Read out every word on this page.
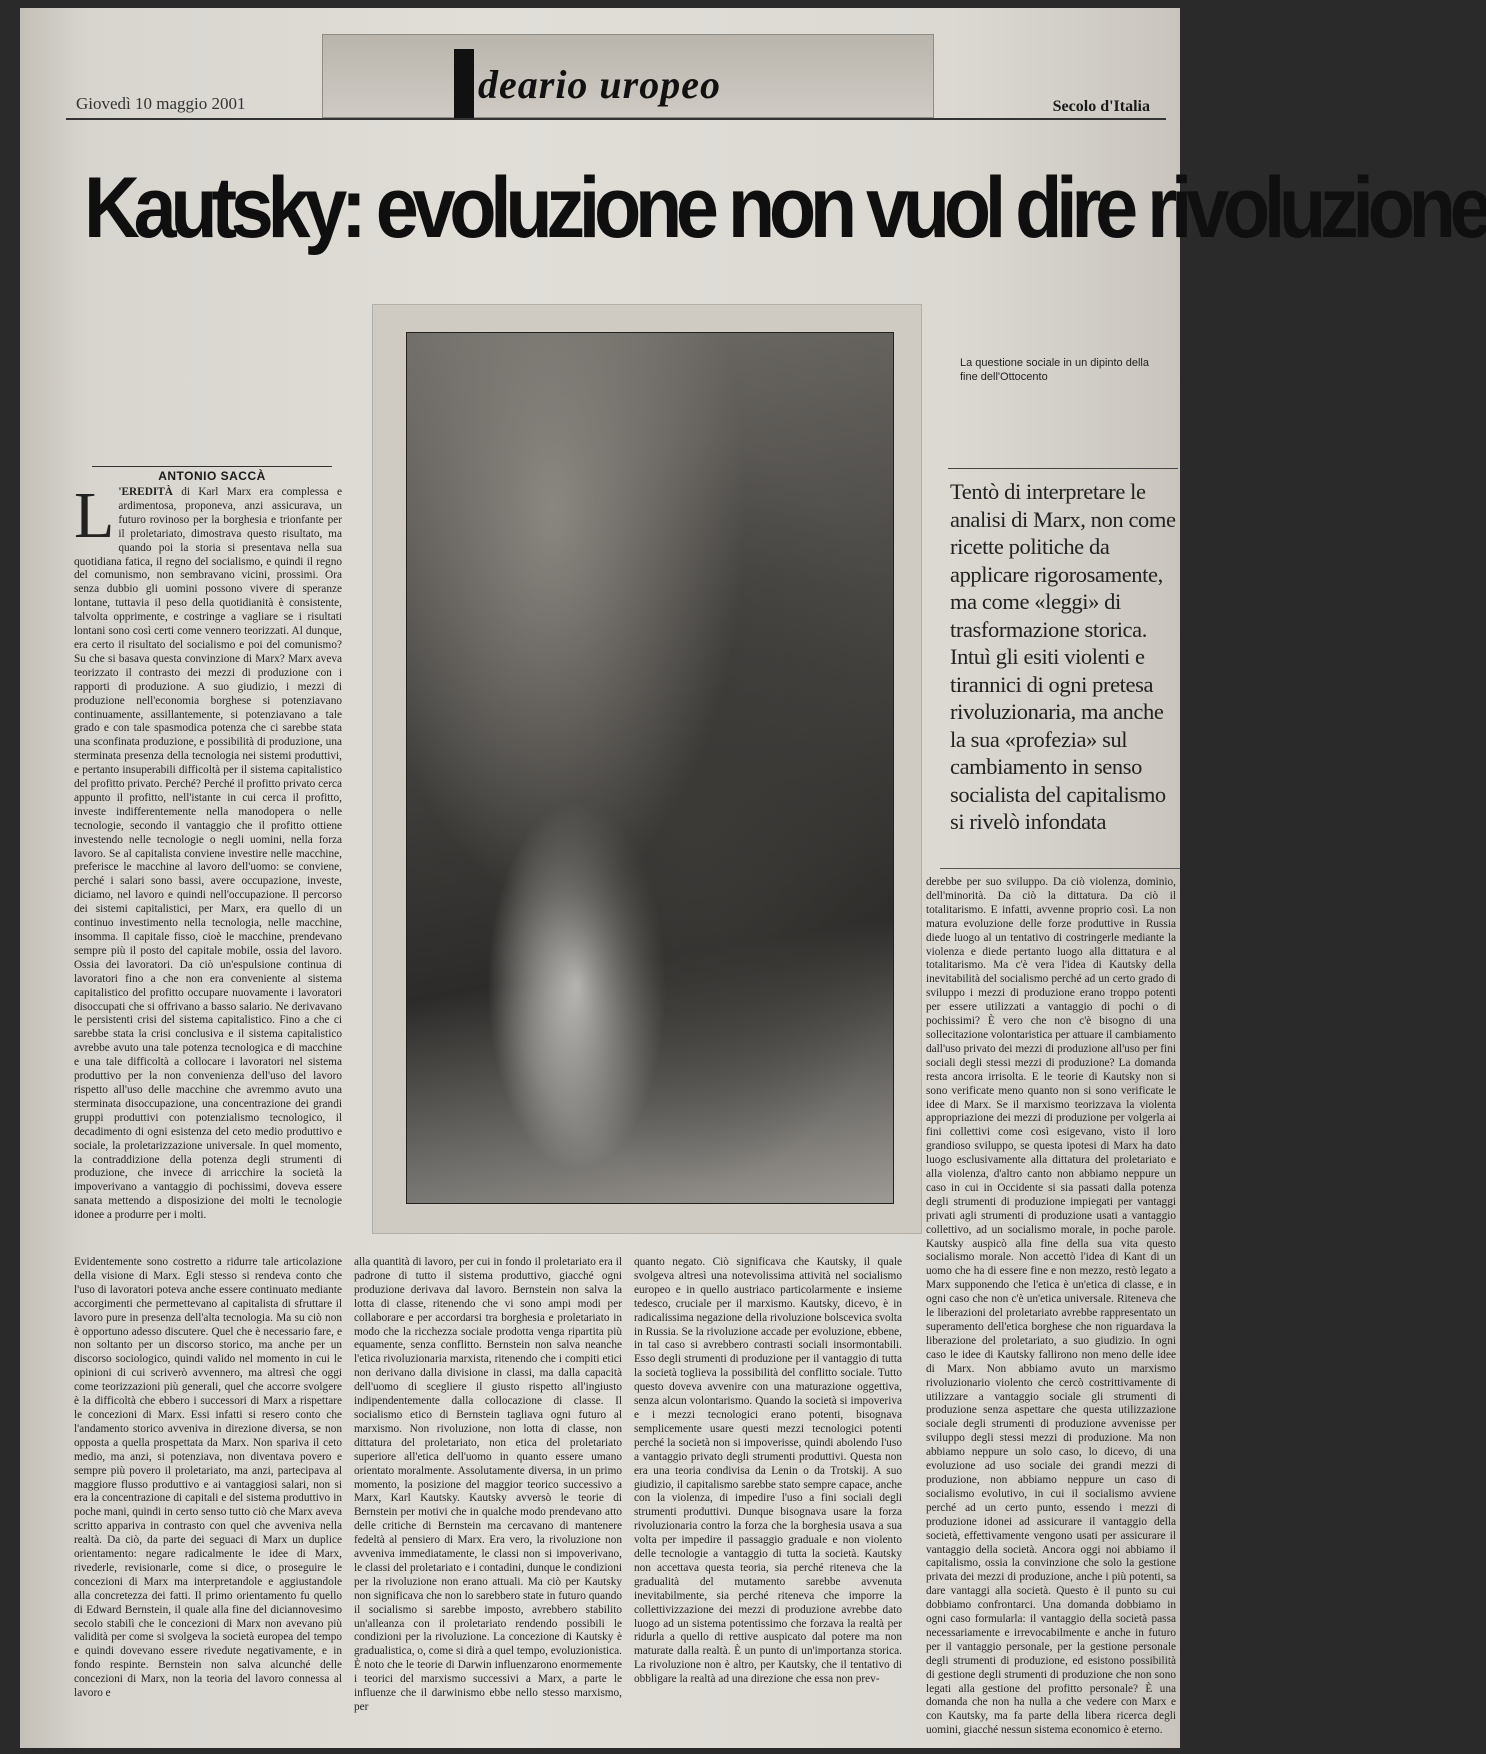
deario uropeo
Giovedì 10 maggio 2001	Secolo d'Italia
Kautsky: evoluzione non vuol dire rivoluzione
ANTONIO SACCÀ
L 'EREDITÀ di Karl Marx era complessa e ardimentosa, proponeva, anzi assicurava, un futuro rovinoso per la borghesia e trionfante per il proletariato, dimostrava questo risultato, ma quando poi la storia si presentava nella sua quotidiana fatica, il regno del socialismo, e quindi il regno del comunismo, non sembravano vicini, prossimi. Ora senza dubbio gli uomini possono vivere di speranze lontane, tuttavia il peso della quotidianità è consistente, talvolta opprimente, e costringe a vagliare se i risultati lontani sono così certi come vennero teorizzati. Al dunque, era certo il risultato del socialismo e poi del comunismo? Su che si basava questa convinzione di Marx? Marx aveva teorizzato il contrasto dei mezzi di produzione con i rapporti di produzione. A suo giudizio, i mezzi di produzione nell'economia borghese si potenziavano continuamente, assillantemente, si potenziavano a tale grado e con tale spasmodica potenza che ci sarebbe stata una sconfinata produzione, e possibilità di produzione, una sterminata presenza della tecnologia nei sistemi produttivi, e pertanto insuperabili difficoltà per il sistema capitalistico del profitto privato. Perché? Perché il profitto privato cerca appunto il profitto, nell'istante in cui cerca il profitto, investe indifferentemente nella manodopera o nelle tecnologie, secondo il vantaggio che il profitto ottiene investendo nelle tecnologie o negli uomini, nella forza lavoro. Se al capitalista conviene investire nelle macchine, preferisce le macchine al lavoro dell'uomo: se conviene, perché i salari sono bassi, avere occupazione, investe, diciamo, nel lavoro e quindi nell'occupazione. Il percorso dei sistemi capitalistici, per Marx, era quello di un continuo investimento nella tecnologia, nelle macchine, insomma. Il capitale fisso, cioè le macchine, prendevano sempre più il posto del capitale mobile, ossia del lavoro. Ossia dei lavoratori. Da ciò un'espulsione continua di lavoratori fino a che non era conveniente al sistema capitalistico del profitto occupare nuovamente i lavoratori disoccupati che si offrivano a basso salario. Ne derivavano le persistenti crisi del sistema capitalistico. Fino a che ci sarebbe stata la crisi conclusiva e il sistema capitalistico avrebbe avuto una tale potenza tecnologica e di macchine e una tale difficoltà a collocare i lavoratori nel sistema produttivo per la non convenienza dell'uso del lavoro rispetto all'uso delle macchine che avremmo avuto una sterminata disoccupazione, una concentrazione dei grandi gruppi produttivi con potenzialismo tecnologico, il decadimento di ogni esistenza del ceto medio produttivo e sociale, la proletarizzazione universale. In quel momento, la contraddizione della potenza degli strumenti di produzione, che invece di arricchire la società la impoverivano a vantaggio di pochissimi, doveva essere sanata mettendo a disposizione dei molti le tecnologie idonee a produrre per i molti.
Evidentemente sono costretto a ridurre tale articolazione della visione di Marx. Egli stesso si rendeva conto che l'uso di lavoratori poteva anche essere continuato mediante accorgimenti che permettevano al capitalista di sfruttare il lavoro pure in presenza dell'alta tecnologia. Ma su ciò non è opportuno adesso discutere. Quel che è necessario fare, e non soltanto per un discorso storico, ma anche per un discorso sociologico, quindi valido nel momento in cui le opinioni di cui scriverò avvennero, ma altresì che oggi come teorizzazioni più generali, quel che accorre svolgere è la difficoltà che ebbero i successori di Marx a rispettare le concezioni di Marx. Essi infatti si resero conto che l'andamento storico avveniva in direzione diversa, se non opposta a quella prospettata da Marx. Non spariva il ceto medio, ma anzi, si potenziava, non diventava povero e sempre più povero il proletariato, ma anzi, partecipava al maggiore flusso produttivo e ai vantaggiosi salari, non si era la concentrazione di capitali e del sistema produttivo in poche mani, quindi in certo senso tutto ciò che Marx aveva scritto appariva in contrasto con quel che avveniva nella realtà. Da ciò, da parte dei seguaci di Marx un duplice orientamento: negare radicalmente le idee di Marx, rivederle, revisionarle, come si dice, o proseguire le concezioni di Marx ma interpretandole e aggiustandole alla concretezza dei fatti. Il primo orientamento fu quello di Edward Bernstein, il quale alla fine del diciannovesimo secolo stabilì che le concezioni di Marx non avevano più validità per come si svolgeva la società europea del tempo e quindi dovevano essere rivedute negativamente, e in fondo respinte. Bernstein non salva alcunché delle concezioni di Marx, non la teoria del lavoro connessa al lavoro e
alla quantità di lavoro, per cui in fondo il proletariato era il padrone di tutto il sistema produttivo, giacché ogni produzione derivava dal lavoro. Bernstein non salva la lotta di classe, ritenendo che vi sono ampi modi per collaborare e per accordarsi tra borghesia e proletariato in modo che la ricchezza sociale prodotta venga ripartita più equamente, senza conflitto. Bernstein non salva neanche l'etica rivoluzionaria marxista, ritenendo che i compiti etici non derivano dalla divisione in classi, ma dalla capacità dell'uomo di scegliere il giusto rispetto all'ingiusto indipendentemente dalla collocazione di classe. Il socialismo etico di Bernstein tagliava ogni futuro al marxismo. Non rivoluzione, non lotta di classe, non dittatura del proletariato, non etica del proletariato superiore all'etica dell'uomo in quanto essere umano orientato moralmente. Assolutamente diversa, in un primo momento, la posizione del maggior teorico successivo a Marx, Karl Kautsky. Kautsky avversò le teorie di Bernstein per motivi che in qualche modo prendevano atto delle critiche di Bernstein ma cercavano di mantenere fedeltà al pensiero di Marx. Era vero, la rivoluzione non avveniva immediatamente, le classi non si impoverivano, le classi del proletariato e i contadini, dunque le condizioni per la rivoluzione non erano attuali. Ma ciò per Kautsky non significava che non lo sarebbero state in futuro quando il socialismo si sarebbe imposto, avrebbero stabilito un'alleanza con il proletariato rendendo possibili le condizioni per la rivoluzione. La concezione di Kautsky è gradualistica, o, come si dirà a quel tempo, evoluzionistica. È noto che le teorie di Darwin influenzarono enormemente i teorici del marxismo successivi a Marx, a parte le influenze che il darwinismo ebbe nello stesso marxismo, per
quanto negato. Ciò significava che Kautsky, il quale svolgeva altresì una notevolissima attività nel socialismo europeo e in quello austriaco particolarmente e insieme tedesco, cruciale per il marxismo. Kautsky, dicevo, è in radicalissima negazione della rivoluzione bolscevica svolta in Russia. Se la rivoluzione accade per evoluzione, ebbene, in tal caso si avrebbero contrasti sociali insormontabili. Esso degli strumenti di produzione per il vantaggio di tutta la società toglieva la possibilità del conflitto sociale. Tutto questo doveva avvenire con una maturazione oggettiva, senza alcun volontarismo. Quando la società si impoveriva e i mezzi tecnologici erano potenti, bisognava semplicemente usare questi mezzi tecnologici potenti perché la società non si impoverisse, quindi abolendo l'uso a vantaggio privato degli strumenti produttivi. Questa non era una teoria condivisa da Lenin o da Trotskij. A suo giudizio, il capitalismo sarebbe stato sempre capace, anche con la violenza, di impedire l'uso a fini sociali degli strumenti produttivi. Dunque bisognava usare la forza rivoluzionaria contro la forza che la borghesia usava a sua volta per impedire il passaggio graduale e non violento delle tecnologie a vantaggio di tutta la società. Kautsky non accettava questa teoria, sia perché riteneva che la gradualità del mutamento sarebbe avvenuta inevitabilmente, sia perché riteneva che imporre la collettivizzazione dei mezzi di produzione avrebbe dato luogo ad un sistema potentissimo che forzava la realtà per ridurla a quello di rettive auspicato dal potere ma non maturate dalla realtà. È un punto di un'importanza storica. La rivoluzione non è altro, per Kautsky, che il tentativo di obbligare la realtà ad una direzione che essa non prev-
derebbe per suo sviluppo. Da ciò violenza, dominio, dell'minorità. Da ciò la dittatura. Da ciò il totalitarismo. E infatti, avvenne proprio così. La non matura evoluzione delle forze produttive in Russia diede luogo al un tentativo di costringerle mediante la violenza e diede pertanto luogo alla dittatura e al totalitarismo. Ma c'è vera l'idea di Kautsky della inevitabilità del socialismo perché ad un certo grado di sviluppo i mezzi di produzione erano troppo potenti per essere utilizzati a vantaggio di pochi o di pochissimi? È vero che non c'è bisogno di una sollecitazione volontaristica per attuare il cambiamento dall'uso privato dei mezzi di produzione all'uso per fini sociali degli stessi mezzi di produzione? La domanda resta ancora irrisolta. E le teorie di Kautsky non si sono verificate meno quanto non si sono verificate le idee di Marx. Se il marxismo teorizzava la violenta appropriazione dei mezzi di produzione per volgerla ai fini collettivi come così esigevano, visto il loro grandioso sviluppo, se questa ipotesi di Marx ha dato luogo esclusivamente alla dittatura del proletariato e alla violenza, d'altro canto non abbiamo neppure un caso in cui in Occidente si sia passati dalla potenza degli strumenti di produzione impiegati per vantaggi privati agli strumenti di produzione usati a vantaggio collettivo, ad un socialismo morale, in poche parole. Kautsky auspicò alla fine della sua vita questo socialismo morale. Non accettò l'idea di Kant di un uomo che ha di essere fine e non mezzo, restò legato a Marx supponendo che l'etica è un'etica di classe, e in ogni caso che non c'è un'etica universale. Riteneva che le liberazioni del proletariato avrebbe rappresentato un superamento dell'etica borghese che non riguardava la liberazione del proletariato, a suo giudizio. In ogni caso le idee di Kautsky fallirono non meno delle idee di Marx. Non abbiamo avuto un marxismo rivoluzionario violento che cercò costrittivamente di utilizzare a vantaggio sociale gli strumenti di produzione senza aspettare che questa utilizzazione sociale degli strumenti di produzione avvenisse per sviluppo degli stessi mezzi di produzione. Ma non abbiamo neppure un solo caso, lo dicevo, di una evoluzione ad uso sociale dei grandi mezzi di produzione, non abbiamo neppure un caso di socialismo evolutivo, in cui il socialismo avviene perché ad un certo punto, essendo i mezzi di produzione idonei ad assicurare il vantaggio della società, effettivamente vengono usati per assicurare il vantaggio della società. Ancora oggi noi abbiamo il capitalismo, ossia la convinzione che solo la gestione privata dei mezzi di produzione, anche i più potenti, sa dare vantaggi alla società. Questo è il punto su cui dobbiamo confrontarci. Una domanda dobbiamo in ogni caso formularla: il vantaggio della società passa necessariamente e irrevocabilmente e anche in futuro per il vantaggio personale, per la gestione personale degli strumenti di produzione, ed esistono possibilità di gestione degli strumenti di produzione che non sono legati alla gestione del profitto personale? È una domanda che non ha nulla a che vedere con Marx e con Kautsky, ma fa parte della libera ricerca degli uomini, giacché nessun sistema economico è eterno.
La questione sociale in un dipinto della fine dell'Ottocento
Tentò di interpretare le analisi di Marx, non come ricette politiche da applicare rigorosamente, ma come «leggi» di trasformazione storica. Intuì gli esiti violenti e tirannici di ogni pretesa rivoluzionaria, ma anche la sua «profezia» sul cambiamento in senso socialista del capitalismo si rivelò infondata
